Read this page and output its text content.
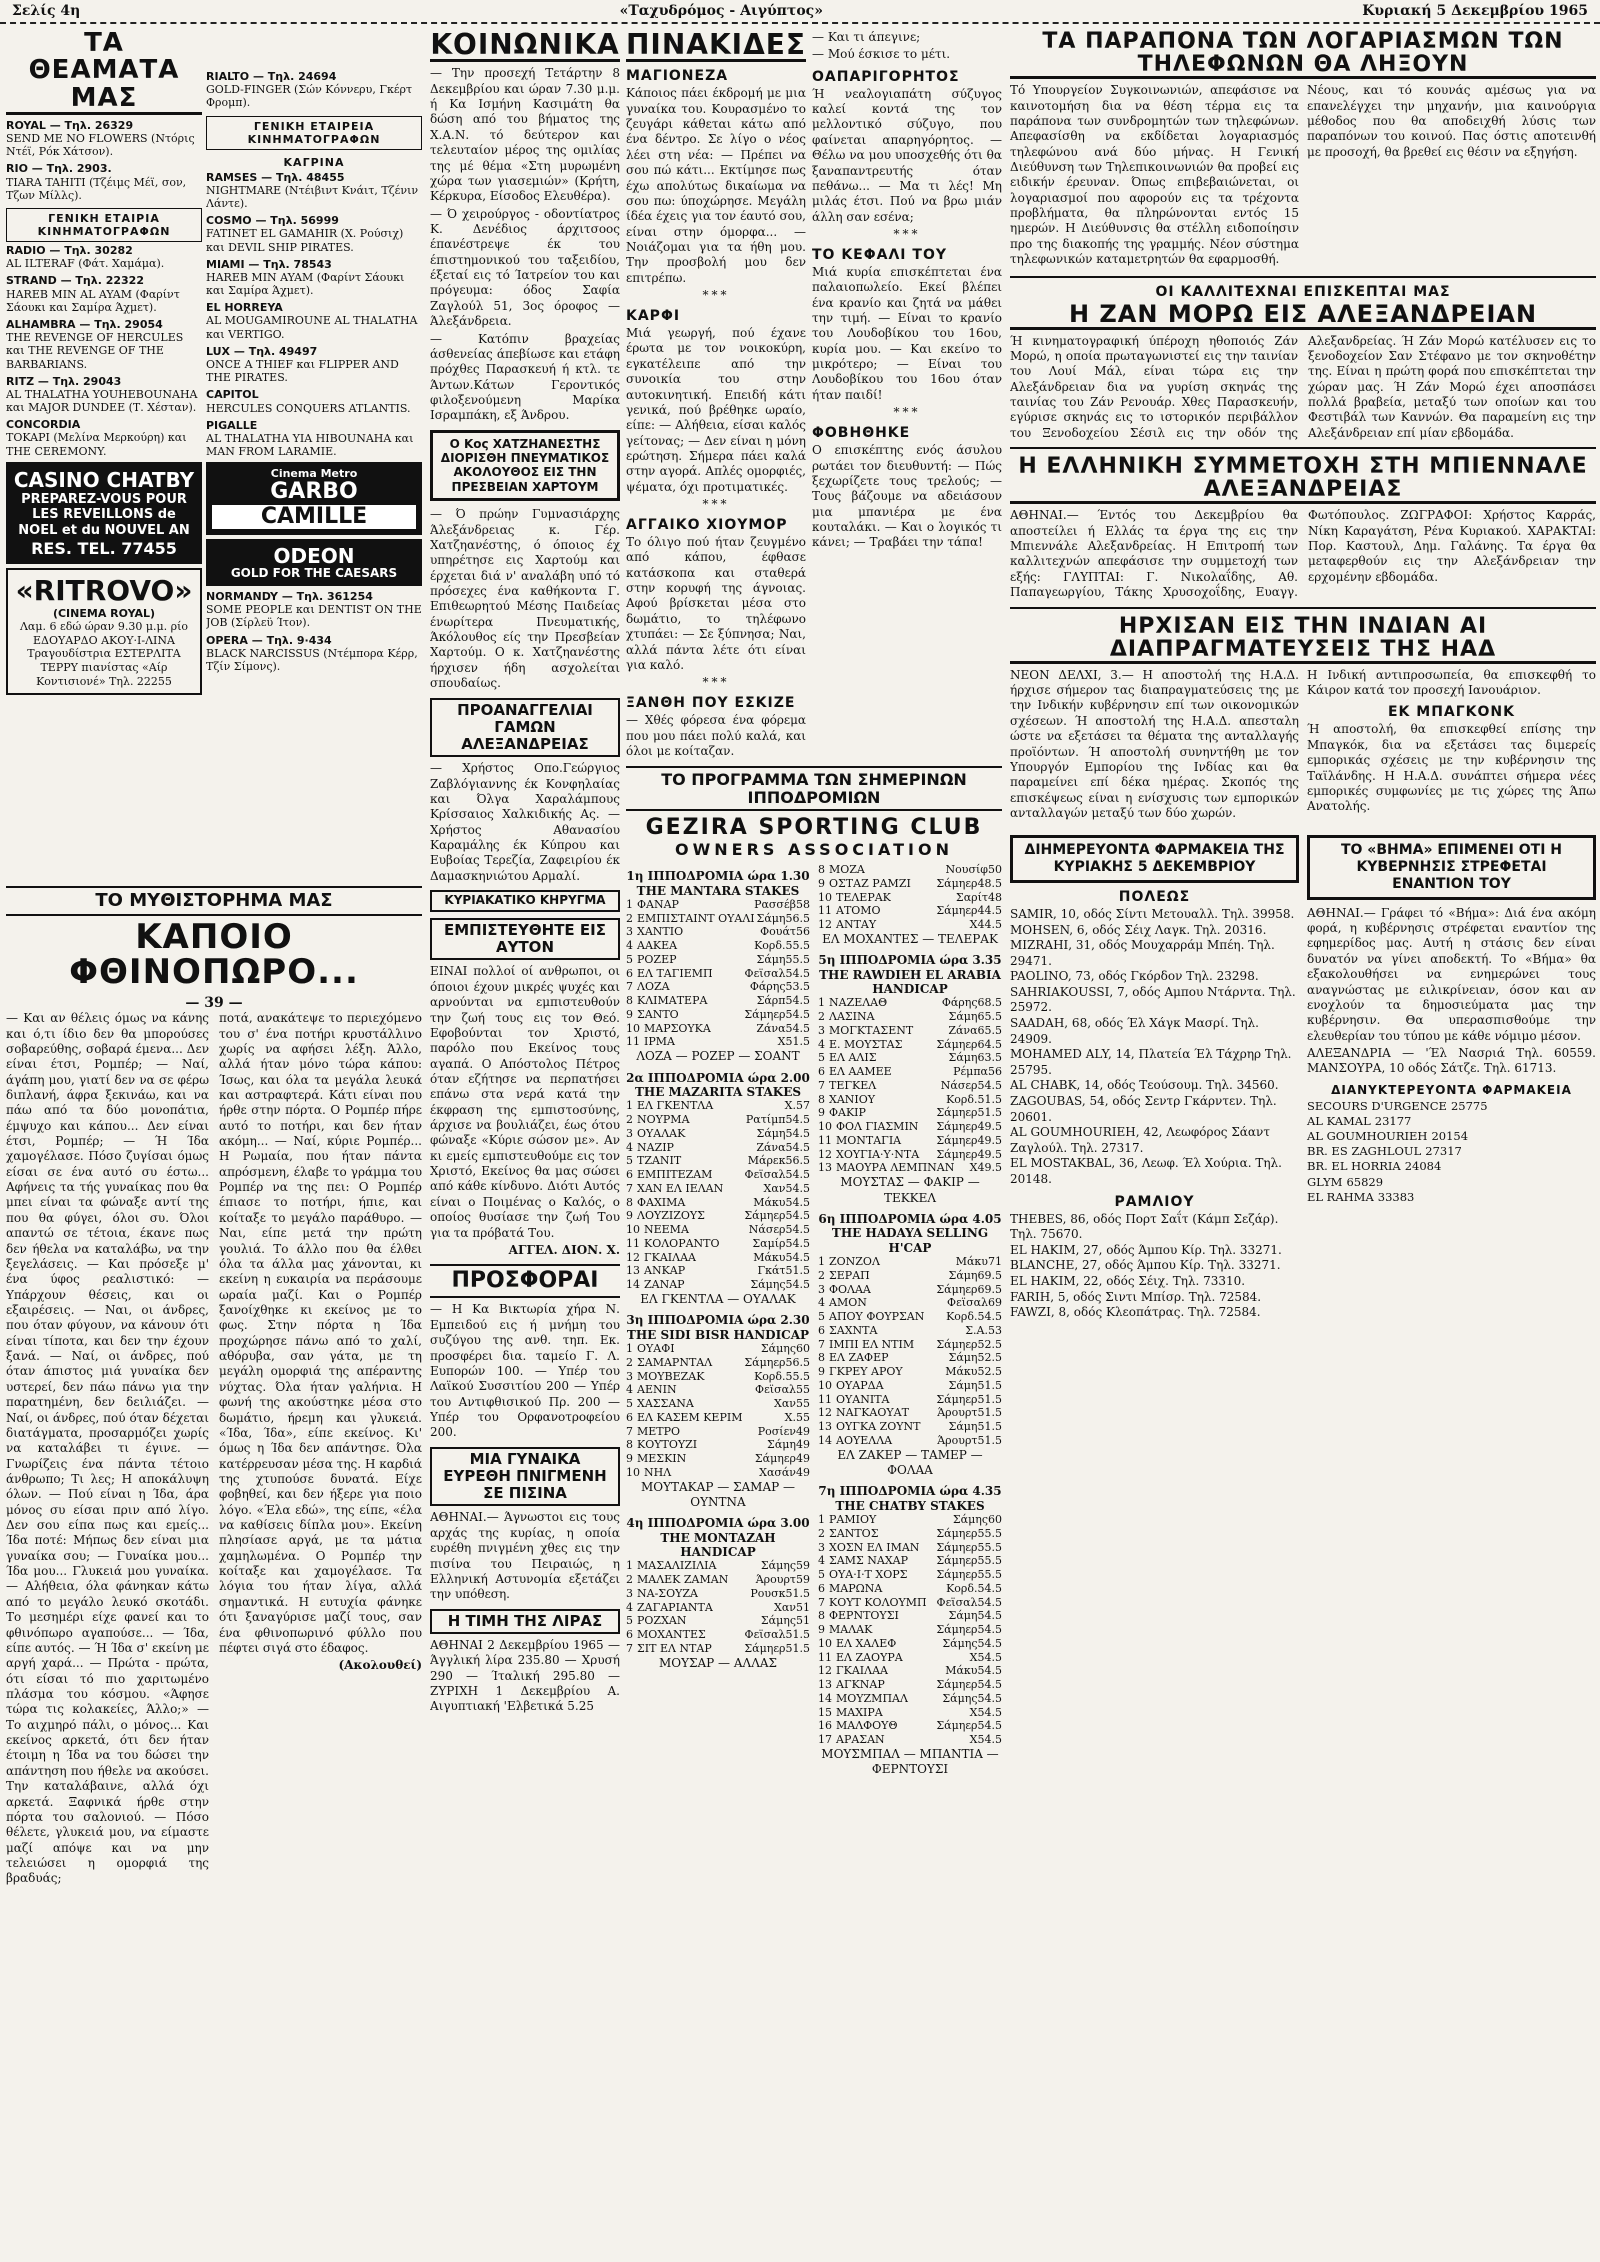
Σελίς 4η	«Ταχυδρόμος - Αιγύπτος»	Κυριακή 5 Δεκεμβρίου 1965
ΤΑ ΘΕΑΜΑΤΑ ΜΑΣ
ROYAL — Τηλ. 26329
SEND ME NO FLOWERS (Ντόρις Ντέϊ, Ρόκ Χάτσον).
RIO — Τηλ. 2903.
TIARA TAHITI (Τζέιμς Μέϊ, σον, Τζων Μίλλς).
ΓΕΝΙΚΗ ΕΤΑΙΡΙΑ ΚΙΝΗΜΑΤΟΓΡΑΦΩΝ
RADIO — Τηλ. 30282
AL ILTERAF (Φάτ. Χαμάμα).
STRAND — Τηλ. 22322
HAREB MIN AL AYAM (Φαρίντ Σάουκι και Σαμίρα Άχμετ).
ALHAMBRA — Τηλ. 29054
THE REVENGE OF HERCULES και THE REVENGE OF THE BARBARIANS.
RITZ — Τηλ. 29043
AL THALATHA YOUHEBOUNAHA και MAJOR DUNDEE (Τ. Χέσταν).
CONCORDIA
TOKAPI (Μελίνα Μερκούρη) και THE CEREMONY.
CASINO CHATBY
PREPAREZ-VOUS POUR LES REVEILLONS de NOEL et du NOUVEL AN
RES. TEL. 77455
«RITROVO»
(CINEMA ROYAL)
Λαμ. 6 εδώ ώραν 9.30 μ.μ. ρίο ΕΔΟΥΑΡΔΟ ΑΚΟΥ·Ι-ΛΙΝΑ Τραγουδίστρια ΕΣΤΕΡΛΙΤΑ ΤΕΡΡΥ πιανίστας «Αίρ Κοντισιονέ» Τηλ. 22255
RIALTO — Τηλ. 24694
GOLD-FINGER (Σών Κόννερυ, Γκέρτ Φρομπ).
ΓΕΝΙΚΗ ΕΤΑΙΡΕΙΑ ΚΙΝΗΜΑΤΟΓΡΑΦΩΝ
ΚΑΓΡΙΝΑ
RAMSES — Τηλ. 48455
NIGHTMARE (Ντέιβιντ Κνάιτ, Τζένιν Λάντε).
COSMO — Τηλ. 56999
FATINET EL GAMAHIR (Χ. Ρούσιχ) και DEVIL SHIP PIRATES.
MIAMI — Τηλ. 78543
HAREB MIN AYAM (Φαρίντ Σάουκι και Σαμίρα Άχμετ).
EL HORREYA
AL MOUGAMIROUNE AL THALATHA και VERTIGO.
LUX — Τηλ. 49497
ONCE A THIEF και FLIPPER AND THE PIRATES.
CAPITOL
HERCULES CONQUERS ATLANTIS.
PIGALLE
AL THALATHA YIA HIBOUNAHA και MAN FROM LARAMIE.
Cinema Metro
GARBO
CAMILLE
ODEON
GOLD FOR THE CAESARS
NORMANDY — Τηλ. 361254
SOME PEOPLE και DENTIST ON THE JOB (Σίρλεϋ Ίτον).
OPERA — Τηλ. 9·434
BLACK NARCISSUS (Ντέμπορα Κέρρ, Τζίν Σίμονς).
ΤΟ ΜΥΘΙΣΤΟΡΗΜΑ ΜΑΣ
ΚΑΠΟΙΟ ΦΘΙΝΟΠΩΡΟ...
— 39 —
— Και αν θέλεις όμως να κάνης και ό,τι ίδιο δεν θα μπορούσες σοβαρεύθης, σοβαρά έμενα... Δεν είναι έτσι, Ρομπέρ; — Ναί, άγάπη μου, γιατί δεν να σε φέρω διπλανή, άφρα ξεκινάω, και να πάω από τα δύο μονοπάτια, έμψυχο και κάπου... Δεν είναι έτσι, Ρομπέρ; — Ή Ίδα χαμογέλασε. Πόσο ζυγίσαι όμως είσαι σε ένα αυτό συ έστω... Αφήνεις τα τής γυναίκας που θα μπει είναι τα φώναξε αντί της που θα φύγει, όλοι συ. Όλοι απαντώ σε τέτοια, έκανε πως δεν ήθελα να καταλάβω, να την ξεγελάσεις. — Και πρόσεξε μ' ένα ύφος ρεαλιστικό: — Υπάρχουν θέσεις, και οι εξαιρέσεις. — Ναι, οι άνδρες, που όταν φύγουν, να κάνουν ότι είναι τίποτα, και δεν την έχουν ξανά. — Ναί, οι άνδρες, πού όταν άπιστος μιά γυναίκα δεν υστερεί, δεν πάω πάνω για την παρατημένη, δεν δειλιάζει. — Ναί, οι άνδρες, πού όταν δέχεται διατάγματα, προσαρμόζει χωρίς να καταλάβει τι έγινε. — Γνωρίζεις ένα πάντα τέτοιο άνθρωπο; Τι λες; Η αποκάλυψη όλων. — Πού είναι η Ίδα, άρα μόνος συ είσαι πριν από λίγο. Δεν σου είπα πως και εμείς... Ίδα ποτέ: Μήπως δεν είναι μια γυναίκα σου; — Γυναίκα μου... Ίδα μου... Γλυκειά μου γυναίκα. — Αλήθεια, όλα φάνηκαν κάτω από το μεγάλο λευκό σκοτάδι. Το μεσημέρι είχε φανεί και το φθινόπωρο αγαπούσε... — Ίδα, είπε αυτός. — Ή Ίδα σ' εκείνη με αργή χαρά... — Πρώτα - πρώτα, ότι είσαι τό πιο χαριτωμένο πλάσμα του κόσμου. «Άφησε τώρα τις κολακείες, Άλλο;» — Το αιχμηρό πάλι, ο μόνος... Και εκείνος αρκετά, ότι δεν ήταν έτοιμη η Ίδα να του δώσει την απάντηση που ήθελε να ακούσει. Την καταλάβαινε, αλλά όχι αρκετά. Ξαφνικά ήρθε στην πόρτα του σαλονιού. — Πόσο θέλετε, γλυκειά μου, να είμαστε μαζί απόψε και να μην τελειώσει η ομορφιά της βραδυάς;
ποτά, ανακάτεψε το περιεχόμενο του σ' ένα ποτήρι κρυστάλλινο χωρίς να αφήσει λέξη. Άλλο, αλλά ήταν μόνο τώρα κάπου: Ίσως, και όλα τα μεγάλα λευκά και αστραφτερά. Κάτι είναι που ήρθε στην πόρτα. Ο Ρομπέρ πήρε αυτό το ποτήρι, και δεν ήταν ακόμη... — Ναί, κύριε Ρομπέρ... Η Ρωμαία, που ήταν πάντα απρόσμενη, έλαβε το γράμμα του Ρομπέρ να της πει: Ο Ρομπέρ έπιασε το ποτήρι, ήπιε, και κοίταξε το μεγάλο παράθυρο. — Ναι, είπε μετά την πρώτη γουλιά. Το άλλο που θα έλθει όλα τα άλλα μας χάνονται, κι εκείνη η ευκαιρία να περάσουμε ωραία μαζί. Και ο Ρομπέρ ξανοίχθηκε κι εκείνος με το φως. Στην πόρτα η Ίδα προχώρησε πάνω από το χαλί, αθόρυβα, σαν γάτα, με τη μεγάλη ομορφιά της απέραντης νύχτας. Όλα ήταν γαλήνια. Η φωνή της ακούστηκε μέσα στο δωμάτιο, ήρεμη και γλυκειά. «Ίδα, Ίδα», είπε εκείνος. Κι' όμως η Ίδα δεν απάντησε. Όλα κατέρρευσαν μέσα της. Η καρδιά της χτυπούσε δυνατά. Είχε φοβηθεί, και δεν ήξερε για ποιο λόγο. «Έλα εδώ», της είπε, «έλα να καθίσεις δίπλα μου». Εκείνη πλησίασε αργά, με τα μάτια χαμηλωμένα. Ο Ρομπέρ την κοίταξε και χαμογέλασε. Τα λόγια του ήταν λίγα, αλλά σημαντικά. Η ευτυχία φάνηκε ότι ξαναγύρισε μαζί τους, σαν ένα φθινοπωρινό φύλλο που πέφτει σιγά στο έδαφος.
(Ακολουθεί)
ΚΟΙΝΩΝΙΚΑ
— Την προσεχή Τετάρτην 8 Δεκεμβρίου και ώραν 7.30 μ.μ. ή Κα Ισμήνη Κασιμάτη θα δώση από του βήματος της Χ.Α.Ν. τό δεύτερον και τελευταίον μέρος της ομιλίας της μέ θέμα «Στη μυρωμένη χώρα των γιασεμιών» (Κρήτη, Κέρκυρα, Είσοδος Ελευθέρα).
— Ό χειρούργος - οδοντίατρος Κ. Δενέδιος άρχιτσοος έπανέστρεψε έκ του έπιστημονικού του ταξειδίου, έξεταί εις τό Ίατρείον του και πρόγευμα: όδος Σαφία Ζαγλούλ 51, 3ος όροφος — Άλεξάνδρεια.
— Κατόπιν βραχείας άσθενείας άπεβίωσε και ετάφη πρόχθες Παρασκευή ή κτλ. τε Άντων.Κάτων Γεροντικός φιλοξενούμενη Μαρίκα Ισραμπάκη, εξ Άνδρου.
Ο Κος ΧΑΤΖΗΑΝΕΣΤΗΣ ΔΙΟΡΙΣΘΗ ΠΝΕΥΜΑΤΙΚΟΣ ΑΚΟΛΟΥΘΟΣ ΕΙΣ ΤΗΝ ΠΡΕΣΒΕΙΑΝ ΧΑΡΤΟΥΜ
— Ό πρώην Γυμνασιάρχης Άλεξάνδρειας κ. Γέρ. Χατζηανέστης, ό όποιος έχ υπηρέτησε εις Χαρτούμ και έρχεται διά ν' αναλάβη υπό τό πρόσεχες ένα καθήκοντα Γ. Επιθεωρητού Μέσης Παιδείας ένωρίτερα Πνευματικής, Άκόλουθος είς την Πρεσβείαν Χαρτούμ. Ο κ. Χατζηανέστης ήρχισεν ήδη ασχολείται σπουδαίως.
ΠΡΟΑΝΑΓΓΕΛΙΑΙ ΓΑΜΩΝ ΑΛΕΞΑΝΔΡΕΙΑΣ
— Χρήστος Οπο.Γεώργιος Ζαβλόγιαννης έκ Κονφηλαίας και Όλγα Χαραλάμπους Κρίσσαιος Χαλκιδικής Ας. — Χρήστος Αθανασίου Καραμάλης έκ Κύπρου και Ευβοίας Τερεζία, Ζαφειρίου έκ Δαμασκηνιώτου Αρμαλί.
ΚΥΡΙΑΚΑΤΙΚΟ ΚΗΡΥΓΜΑ
ΕΜΠΙΣΤΕΥΘΗΤΕ ΕΙΣ ΑΥΤΟΝ
ΕΙΝΑΙ πολλοί οί ανθρωποι, οι όποιοι έχουν μικρές ψυχές και αρνούνται να εμπιστευθούν την ζωή τους εις τον Θεό. Εφοβούνται τον Χριστό, παρόλο που Εκείνος τους αγαπά. Ο Απόστολος Πέτρος όταν εζήτησε να περπατήσει επάνω στα νερά κατά την έκφραση της εμπιστοσύνης, άρχισε να βουλιάζει, έως ότου φώναξε «Κύριε σώσον με». Αν κι εμείς εμπιστευθούμε εις τον Χριστό, Εκείνος θα μας σώσει από κάθε κίνδυνο. Διότι Αυτός είναι ο Ποιμένας ο Καλός, ο οποίος θυσίασε την ζωή Του για τα πρόβατά Του.
ΑΓΓΕΛ. ΔΙΟΝ. Χ.
ΠΡΟΣΦΟΡΑΙ
— Η Κα Βικτωρία χήρα Ν. Εμπειδού εις ή μνήμη του συζύγου της ανθ. τηπ. Εκ. προσφέρει δια. ταμείο Γ. Λ. Ευπορών 100. — Υπέρ του Λαϊκού Συσσιτίου 200 — Υπέρ του Αντιφθισικού Πρ. 200 — Υπέρ του Ορφανοτροφείου 200.
ΜΙΑ ΓΥΝΑΙΚΑ ΕΥΡΕΘΗ ΠΝΙΓΜΕΝΗ ΣΕ ΠΙΣΙΝΑ
ΑΘΗΝΑΙ.— Άγνωστοι εις τους αρχάς της κυρίας, η οποία ευρέθη πνιγμένη χθες εις την πισίνα του Πειραιώς, η Ελληνική Αστυνομία εξετάζει την υπόθεση.
Η ΤΙΜΗ ΤΗΣ ΛΙΡΑΣ
ΑΘΗΝΑΙ 2 Δεκεμβρίου 1965 — Άγγλική λίρα 235.80 — Χρυσή 290 — Ίταλική 295.80 — ΖΥΡΙΧΗ 1 Δεκεμβρίου Α. Αιγυπτιακή 'Ελβετικά 5.25
ΠΙΝΑΚΙΔΕΣ
ΜΑΓΙΟΝΕΖΑ
Κάποιος πάει έκδρομή με μια γυναίκα του. Κουρασμένο το ζευγάρι κάθεται κάτω από ένα δέντρο. Σε λίγο ο νέος λέει στη νέα: — Πρέπει να σου πώ κάτι... Εκτίμησε πως έχω απολύτως δικαίωμα να σου πω: ύποχώρησε. Μεγάλη ίδέα έχεις για τον έαυτό σου, είναι στην όμορφα... — Νοιάζομαι για τα ήθη μου. Την προσβολή μου δεν επιτρέπω.
***
ΚΑΡΦΙ
Μιά γεωργή, πού έχανε έρωτα με τον νοικοκύρη, εγκατέλειπε από την συνοικία του στην αυτοκινητική. Επειδή κάτι γενικά, πού βρέθηκε ωραίο, είπε: — Αλήθεια, είσαι καλός γείτονας; — Δεν είναι η μόνη ερώτηση. Σήμερα πάει καλά στην αγορά. Απλές ομορφιές, ψέματα, όχι προτιματικές.
***
ΑΓΓΑΙΚΟ ΧΙΟΥΜΟΡ
Το όλιγο πού ήταν ζευγμένο από κάπου, έφθασε κατάσκοπα και σταθερά στην κορυφή της άγνοιας. Αφού βρίσκεται μέσα στο δωμάτιο, το τηλέφωνο χτυπάει: — Σε ξύπνησα; Ναι, αλλά πάντα λέτε ότι είναι για καλό.
***
ΞΑΝΘΗ ΠΟΥ ΕΣΚΙΖΕ
— Χθές φόρεσα ένα φόρεμα που μου πάει πολύ καλά, και όλοι με κοίταζαν.
— Και τι άπεγινε;
— Μού έσκισε το μέτι.
ΟΑΠΑΡΙΓΟΡΗΤΟΣ
Ή νεαλογιαπάτη σύζυγος καλεί κοντά της τον μελλοντικό σύζυγο, που φαίνεται απαρηγόρητος. — Θέλω να μου υποσχεθής ότι θα ξαναπαντρευτής όταν πεθάνω... — Μα τι λές! Μη μιλάς έτσι. Πού να βρω μιάν άλλη σαν εσένα;
***
ΤΟ ΚΕΦΑΛΙ ΤΟΥ
Μιά κυρία επισκέπτεται ένα παλαιοπωλείο. Εκεί βλέπει ένα κρανίο και ζητά να μάθει την τιμή. — Είναι το κρανίο του Λουδοβίκου του 16ου, κυρία μου. — Και εκείνο το μικρότερο; — Είναι του Λουδοβίκου του 16ου όταν ήταν παιδί!
***
ΦΟΒΗΘΗΚΕ
Ο επισκέπτης ενός άσυλου ρωτάει τον διευθυντή: — Πώς ξεχωρίζετε τους τρελούς; — Τους βάζουμε να αδειάσουν μια μπανιέρα με ένα κουταλάκι. — Και ο λογικός τι κάνει; — Τραβάει την τάπα!
ΤΟ ΠΡΟΓΡΑΜΜΑ ΤΩΝ ΣΗΜΕΡΙΝΩΝ ΙΠΠΟΔΡΟΜΙΩΝ
GEZIRA SPORTING CLUB
OWNERS ASSOCIATION
1η ΙΠΠΟΔΡΟΜΙΑ ώρα 1.30 THE MANTARA STAKES
1 ΦΑΝΑΡ	Ρασσέβ 58
2 ΕΜΠΙΣΤΑΙΝΤ ΟΥΑΛΙ Σάμη 56.5
3 ΧΑΝΤΙΟ	Φουάτ 56
4 ΑΑΚΕΑ	Κορδ. 55.5
5 ΡΟΖΕΡ	Σάμη 55.5
6 ΕΛ ΤΑΓΙΕΜΠ	Φεϊσαλ 54.5
7 ΛΟΖΑ	Φάρης 53.5
8 ΚΛΙΜΑΤΕΡΑ	Σάρπ 54.5
9 ΣΑΝΤΟ	Σάμηερ 54.5
10 ΜΑΡΣΟΥΚΑ	Ζάνα 54.5
11 ΙΡΜΑ	Χ 51.5
ΛΟΖΑ — ΡΟΖΕΡ — ΣΟΑΝΤ
2α ΙΠΠΟΔΡΟΜΙΑ ώρα 2.00 THE MAZARITA STAKES
1 ΕΛ ΓΚΕΝΤΛΑ	Χ. 57
2 ΝΟΥΡΜΑ	Ρατίμπ 54.5
3 ΟΥΑΛΑΚ	Σάμη 54.5
4 ΝΑΖΙΡ	Ζάνα 54.5
5 ΤΖΑΝΙΤ	Μάρεκ 56.5
6 ΕΜΠΙΤΕΖΑΜ	Φεϊσαλ 54.5
7 ΧΑΝ ΕΛ ΙΕΛΑΝ	Χαν 54.5
8 ΦΑΧΙΜΑ	Μάκυ 54.5
9 ΛΟΥΖΙΖΟΥΣ	Σάμηερ 54.5
10 ΝΕΕΜΑ	Νάσερ 54.5
11 ΚΟΛΟΡΑΝΤΟ	Σαμίρ 54.5
12 ΓΚΑΙΛΑΑ	Μάκυ 54.5
13 ΑΝΚΑΡ	Γκάτ 51.5
14 ΖΑΝΑΡ	Σάμης 54.5
ΕΛ ΓΚΕΝΤΛΑ — ΟΥΑΛΑΚ
3η ΙΠΠΟΔΡΟΜΙΑ ώρα 2.30 THE SIDI BISR HANDICAP
1 ΟΥΑΦΙ	Σάμης 60
2 ΣΑΜΑΡΝΤΑΛ	Σάμηερ 56.5
3 ΜΟΥΒΕΖΑΚ	Κορδ. 55.5
4 ΑΕΝΙΝ	Φεϊσαλ 55
5 ΧΑΣΣΑΝΑ	Χαν 55
6 ΕΛ ΚΑΣΕΜ ΚΕΡΙΜ	Χ. 55
7 ΜΕΤΡΟ	Ροσίεν 49
8 ΚΟΥΤΟΥΖΙ	Σάμη 49
9 ΜΕΣΚΙΝ	Σάμηερ 49
10 ΝΗΛ	Χασάν 49
ΜΟΥΤΑΚΑΡ — ΣΑΜΑΡ — ΟΥΝΤΝΑ
4η ΙΠΠΟΔΡΟΜΙΑ ώρα 3.00 THE MONTAZAH HANDICAP
1 ΜΑΣΑΛΙΖΙΛΙΑ	Σάμης 59
2 ΜΑΛΕΚ ΖΑΜΑΝ	Άρουρτ 59
3 ΝΑ-ΣΟΥΖΑ	Ρουσκ 51.5
4 ΖΑΓΑΡΙΑΝΤΑ	Χαν 51
5 ΡΟΖΧΑΝ	Σάμης 51
6 ΜΟΧΑΝΤΕΣ	Φεϊσαλ 51.5
7 ΣΙΤ ΕΛ ΝΤΑΡ	Σάμηερ 51.5
ΜΟΥΣΑΡ — ΑΛΛΑΣ
8 ΜΟΖΑ	Νουσίφ 50
9 ΟΣΤΑΖ ΡΑΜΖΙ	Σάμηερ 48.5
10 ΤΕΛΕΡΑΚ	Σαρίτ 48
11 ΑΤΟΜΟ	Σάμηερ 44.5
12 ΑΝΤΑΥ	Χ 44.5
ΕΛ ΜΟΧΑΝΤΕΣ — ΤΕΛΕΡΑΚ
5η ΙΠΠΟΔΡΟΜΙΑ ώρα 3.35 THE RAWDIEH EL ARABIA HANDICAP
1 ΝΑΖΕΛΑΘ	Φάρης 68.5
2 ΛΑΣΙΝΑ	Σάμη 65.5
3 ΜΟΓΚΤΑΣΕΝΤ	Ζάνα 65.5
4 Ε. ΜΟΥΣΤΑΣ	Σάμηερ 64.5
5 ΕΛ ΑΛΙΣ	Σάμη 63.5
6 ΕΛ ΑΑΜΕΕ	Ρέμπα 56
7 ΤΕΓΚΕΛ	Νάσερ 54.5
8 ΧΑΝΙΟΥ	Κορδ. 51.5
9 ΦΑΚΙΡ	Σάμηερ 51.5
10 ΦΟΛ ΓΙΑΣΜΙΝ	Σάμηερ 49.5
11 ΜΟΝΤΑΓΙΑ	Σάμηερ 49.5
12 ΧΟΥΓΙΑ·Υ·ΝΤΑ	Σάμηερ 49.5
13 ΜΑΟΥΡΑ ΛΕΜΠΝΑΝ	Χ 49.5
ΜΟΥΣΤΑΣ — ΦΑΚΙΡ — ΤΕΚΚΕΛ
6η ΙΠΠΟΔΡΟΜΙΑ ώρα 4.05 THE HADAYA SELLING H'CAP
1 ΖΟΝΖΟΛ	Μάκυ 71
2 ΣΕΡΑΠ	Σάμη 69.5
3 ΦΟΛΑΑ	Σάμηερ 69.5
4 ΑΜΟΝ	Φεϊσαλ 69
5 ΑΠΟΥ ΦΟΥΡΣΑΝ	Κορδ. 54.5
6 ΣΑΧΝΤΑ	Σ.Α. 53
7 ΙΜΠΙ ΕΛ ΝΤΙΜ	Σάμηερ 52.5
8 ΕΛ ΖΑΦΕΡ	Σάμη 52.5
9 ΓΚΡΕΥ ΑΡΟΥ	Μάκυ 52.5
10 ΟΥΑΡΔΑ	Σάμη 51.5
11 ΟΥΑΝΙΤΑ	Σάμηερ 51.5
12 ΝΑΓΚΑΟΥΑΤ	Άρουρτ 51.5
13 ΟΥΓΚΑ ΖΟΥΝΤ	Σάμη 51.5
14 ΑΟΥΕΛΛΑ	Άρουρτ 51.5
ΕΛ ΖΑΚΕΡ — ΤΑΜΕΡ — ΦΟΛΑΑ
7η ΙΠΠΟΔΡΟΜΙΑ ώρα 4.35 THE CHATBY STAKES
1 ΡΑΜΙΟΥ	Σάμης 60
2 ΣΑΝΤΟΣ	Σάμηερ 55.5
3 ΧΟΣΝ ΕΛ ΙΜΑΝ	Σάμηερ 55.5
4 ΣΑΜΣ ΝΑΧΑΡ	Σάμηερ 55.5
5 ΟΥΑ·Ι·Τ ΧΟΡΣ	Σάμηερ 55.5
6 ΜΑΡΩΝΑ	Κορδ. 54.5
7 ΚΟΥΤ ΚΟΛΟΥΜΠ Φεϊσαλ 54.5
8 ΦΕΡΝΤΟΥΣΙ	Σάμη 54.5
9 ΜΑΛΑΚ	Σάμηερ 54.5
10 ΕΛ ΧΑΛΕΦ	Σάμης 54.5
11 ΕΛ ΖΑΟΥΡΑ	Χ 54.5
12 ΓΚΑΙΛΑΑ	Μάκυ 54.5
13 ΑΓΚΝΑΡ	Σάμηερ 54.5
14 ΜΟΥΖΜΠΑΛ	Σάμης 54.5
15 ΜΑΧΙΡΑ	Χ 54.5
16 ΜΑΛΦΟΥΘ	Σάμηερ 54.5
17 ΑΡΑΣΑΝ	Χ 54.5
ΜΟΥΣΜΠΑΛ — ΜΠΑΝΤΙΑ — ΦΕΡΝΤΟΥΣΙ
ΤΑ ΠΑΡΑΠΟΝΑ ΤΩΝ ΛΟΓΑΡΙΑΣΜΩΝ ΤΩΝ ΤΗΛΕΦΩΝΩΝ ΘΑ ΛΗΞΟΥΝ
Τό Υπουργείον Συγκοινωνιών, απεφάσισε να καινοτομήση δια να θέση τέρμα εις τα παράπονα των συνδρομητών των τηλεφώνων. Απεφασίσθη να εκδίδεται λογαριασμός τηλεφώνου ανά δύο μήνας. Η Γενική Διεύθυνση των Τηλεπικοινωνιών θα προβεί εις ειδικήν έρευναν. Όπως επιβεβαιώνεται, οι λογαριασμοί που αφορούν εις τα τρέχοντα προβλήματα, θα πληρώνονται εντός 15 ημερών. Η Διεύθυνσις θα στέλλη ειδοποίησιν προ της διακοπής της γραμμής. Νέον σύστημα τηλεφωνικών καταμετρητών θα εφαρμοσθή.
Νέους, και τό κουνάς αμέσως για να επανελέγχει την μηχανήν, μια καινούργια μέθοδος που θα αποδειχθή λύσις των παραπόνων του κοινού. Πας όστις αποτεινθή με προσοχή, θα βρεθεί εις θέσιν να εξηγήση.
ΟΙ ΚΑΛΛΙΤΕΧΝΑΙ ΕΠΙΣΚΕΠΤΑΙ ΜΑΣ
Η ΖΑΝ ΜΟΡΩ ΕΙΣ ΑΛΕΞΑΝΔΡΕΙΑΝ
Ή κινηματογραφική ύπέροχη ηθοποιός Ζάν Μορώ, η οποία πρωταγωνιστεί εις την ταινίαν του Λουί Μάλ, είναι τώρα εις την Αλεξάνδρειαν δια να γυρίση σκηνάς της ταινίας του Ζάν Ρενουάρ. Χθες Παρασκευήν, εγύρισε σκηνάς εις το ιστορικόν περιβάλλον του Ξενοδοχείου Σέσιλ εις την οδόν της Αλεξανδρείας. Ή Ζάν Μορώ κατέλυσεν εις το ξενοδοχείον Σαν Στέφανο με τον σκηνοθέτην της. Είναι η πρώτη φορά που επισκέπτεται την χώραν μας. Ή Ζάν Μορώ έχει αποσπάσει πολλά βραβεία, μεταξύ των οποίων και του Φεστιβάλ των Καννών. Θα παραμείνη εις την Αλεξάνδρειαν επί μίαν εβδομάδα.
Η ΕΛΛΗΝΙΚΗ ΣΥΜΜΕΤΟΧΗ ΣΤΗ ΜΠΙΕΝΝΑΛΕ ΑΛΕΞΑΝΔΡΕΙΑΣ
ΑΘΗΝΑΙ.— Έντός του Δεκεμβρίου θα αποστείλει ή Ελλάς τα έργα της εις την Μπιεννάλε Αλεξανδρείας. Η Επιτροπή των καλλιτεχνών απεφάσισε την συμμετοχή των εξής: ΓΛΥΠΤΑΙ: Γ. Νικολαΐδης, Αθ. Παπαγεωργίου, Τάκης Χρυσοχοΐδης, Ευαγγ. Φωτόπουλος. ΖΩΓΡΑΦΟΙ: Χρήστος Καρράς, Νίκη Καραγάτση, Ρένα Κυριακού. ΧΑΡΑΚΤΑΙ: Πορ. Καστουλ, Δημ. Γαλάνης. Τα έργα θα μεταφερθούν εις την Αλεξάνδρειαν την ερχομένην εβδομάδα.
ΗΡΧΙΣΑΝ ΕΙΣ ΤΗΝ ΙΝΔΙΑΝ ΑΙ ΔΙΑΠΡΑΓΜΑΤΕΥΣΕΙΣ ΤΗΣ ΗΑΔ
ΝΕΟΝ ΔΕΛΧΙ, 3.— Η αποστολή της Η.Α.Δ. ήρχισε σήμερον τας διαπραγματεύσεις της με την Ινδικήν κυβέρνησιν επί των οικονομικών σχέσεων. Ή αποστολή της Η.Α.Δ. απεσταλη ώστε να εξετάσει τα θέματα της ανταλλαγής προϊόντων. Ή αποστολή συνηντήθη με τον Υπουργόν Εμπορίου της Ινδίας και θα παραμείνει επί δέκα ημέρας. Σκοπός της επισκέψεως είναι η ενίσχυσις των εμπορικών ανταλλαγών μεταξύ των δύο χωρών.
Η Ινδική αντιπροσωπεία, θα επισκεφθή το Κάιρον κατά τον προσεχή Ιανουάριον.
ΕΚ ΜΠΑΓΚΟΝΚ
Ή αποστολή, θα επισκεφθεί επίσης την Μπαγκόκ, δια να εξετάσει τας διμερείς εμπορικάς σχέσεις με την κυβέρνησιν της Ταϊλάνδης. Η Η.Α.Δ. συνάπτει σήμερα νέες εμπορικές συμφωνίες με τις χώρες της Άπω Ανατολής.
ΔΙΗΜΕΡΕΥΟΝΤΑ ΦΑΡΜΑΚΕΙΑ ΤΗΣ ΚΥΡΙΑΚΗΣ 5 ΔΕΚΕΜΒΡΙΟΥ
ΠΟΛΕΩΣ
SAMIR, 10, οδός Σίντι Μετουαλλ. Τηλ. 39958.
MOHSEN, 6, οδός Σέιχ Λαγκ. Τηλ. 20316.
MIZRAHI, 31, οδός Μουχαρράμ Μπέη. Τηλ. 29471.
PAOLINO, 73, οδός Γκόρδον Τηλ. 23298.
SAHRIAKOUSSI, 7, οδός Αμπου Ντάρντα. Τηλ. 25972.
SAADAH, 68, οδός Έλ Χάγκ Μασρί. Τηλ. 24909.
MOHAMED ALY, 14, Πλατεία Έλ Τάχρηρ Τηλ. 25795.
AL CHABK, 14, οδός Τεούσουμ. Τηλ. 34560.
ZAGOUBAS, 54, οδός Σεντρ Γκάρντεν. Τηλ. 20601.
AL GOUMHOURIEH, 42, Λεωφόρος Σάαντ Ζαγλούλ. Τηλ. 27317.
EL MOSTAKBAL, 36, Λεωφ. Έλ Χούρια. Τηλ. 20148.
ΡΑΜΛΙΟΥ
THEBES, 86, οδός Πορτ Σαΐτ (Κάμπ Σεζάρ). Τηλ. 75670.
EL HAKIM, 27, οδός Άμπου Κίρ. Τηλ. 33271.
BLANCHE, 27, οδός Άμπου Κίρ. Τηλ. 33271.
EL HAKIM, 22, οδός Σέιχ. Τηλ. 73310.
FARIH, 5, οδός Σιντι Μπίσρ. Τηλ. 72584.
FAWZI, 8, οδός Κλεοπάτρας. Τηλ. 72584.
ΤΟ «ΒΗΜΑ» ΕΠΙΜΕΝΕΙ ΟΤΙ Η ΚΥΒΕΡΝΗΣΙΣ ΣΤΡΕΦΕΤΑΙ ΕΝΑΝΤΙΟΝ ΤΟΥ
ΑΘΗΝΑΙ.— Γράφει τό «Βήμα»: Διά ένα ακόμη φορά, η κυβέρνησις στρέφεται εναντίον της εφημερίδος μας. Αυτή η στάσις δεν είναι δυνατόν να γίνει αποδεκτή. Το «Βήμα» θα εξακολουθήσει να ενημερώνει τους αναγνώστας με ειλικρίνειαν, όσον και αν ενοχλούν τα δημοσιεύματα μας την κυβέρνησιν. Θα υπερασπισθούμε την ελευθερίαν του τύπου με κάθε νόμιμο μέσον.
ΑΛΕΞΑΝΔΡΙΑ — 'Έλ Νασριά Τηλ. 60559. ΜΑΝΣΟΥΡΑ, 10 οδός Σάτζε. Τηλ. 61713.
ΔΙΑΝΥΚΤΕΡΕΥΟΝΤΑ ΦΑΡΜΑΚΕΙΑ
SECOURS D'URGENCE 25775
AL KAMAL 23177
AL GOUMHOURIEH 20154
BR. ES ZAGHLOUL 27317
BR. EL HORRIA 24084
GLYM 65829
EL RAHMA 33383
